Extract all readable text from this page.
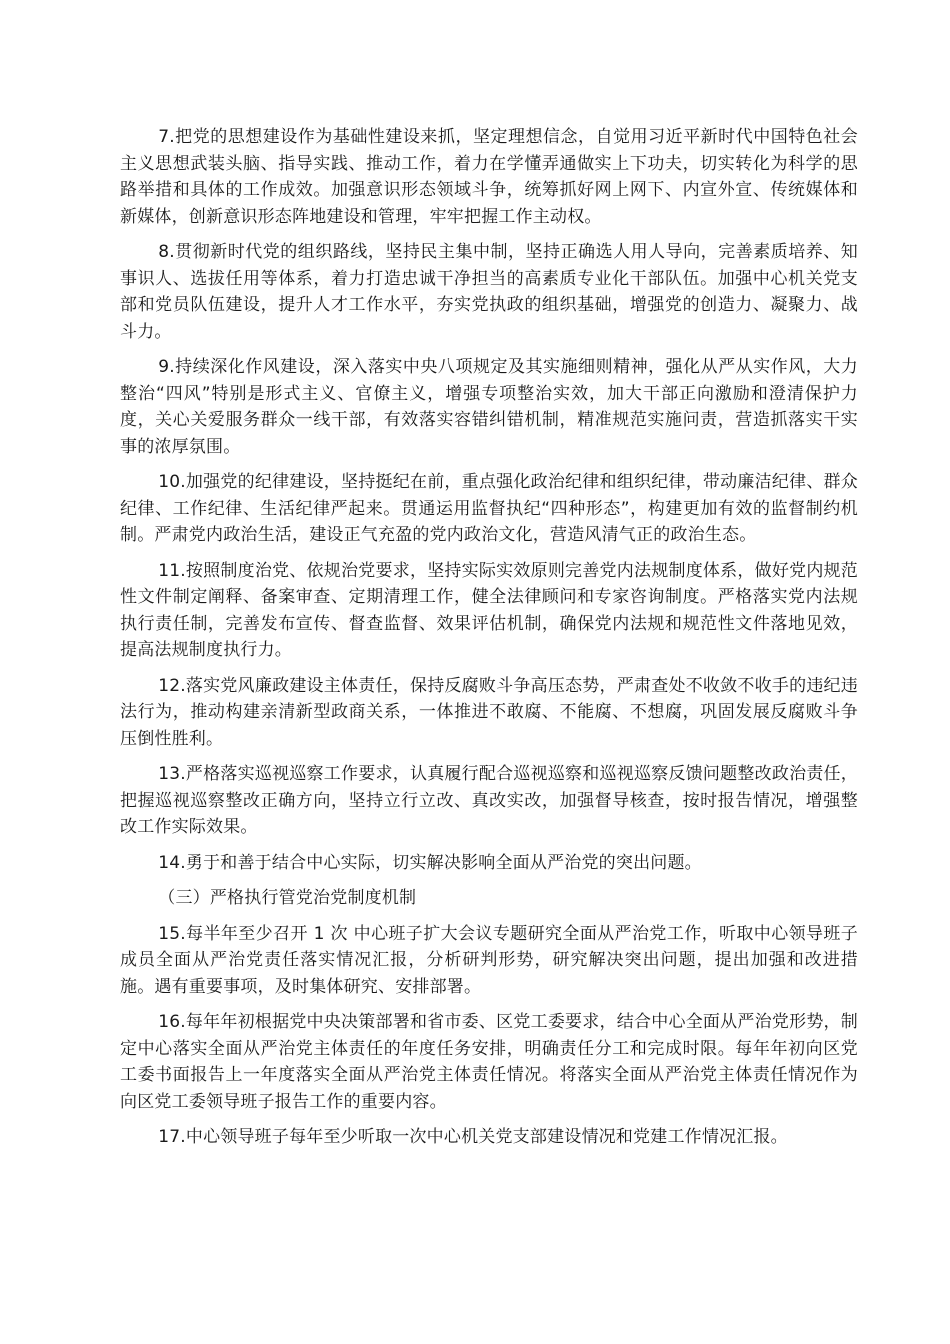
7.把党的思想建设作为基础性建设来抓，坚定理想信念，自觉用习近平新时代中国特色社会主义思想武装头脑、指导实践、推动工作，着力在学懂弄通做实上下功夫，切实转化为科学的思路举措和具体的工作成效。加强意识形态领域斗争，统筹抓好网上网下、内宣外宣、传统媒体和新媒体，创新意识形态阵地建设和管理，牢牢把握工作主动权。

8.贯彻新时代党的组织路线，坚持民主集中制，坚持正确选人用人导向，完善素质培养、知事识人、选拔任用等体系，着力打造忠诚干净担当的高素质专业化干部队伍。加强中心机关党支部和党员队伍建设，提升人才工作水平，夯实党执政的组织基础，增强党的创造力、凝聚力、战斗力。

9.持续深化作风建设，深入落实中央八项规定及其实施细则精神，强化从严从实作风，大力整治“四风”特别是形式主义、官僚主义，增强专项整治实效，加大干部正向激励和澄清保护力度，关心关爱服务群众一线干部，有效落实容错纠错机制，精准规范实施问责，营造抓落实干实事的浓厚氛围。

10.加强党的纪律建设，坚持挺纪在前，重点强化政治纪律和组织纪律，带动廉洁纪律、群众纪律、工作纪律、生活纪律严起来。贯通运用监督执纪“四种形态”，构建更加有效的监督制约机制。严肃党内政治生活，建设正气充盈的党内政治文化，营造风清气正的政治生态。

11.按照制度治党、依规治党要求，坚持实际实效原则完善党内法规制度体系，做好党内规范性文件制定阐释、备案审查、定期清理工作，健全法律顾问和专家咨询制度。严格落实党内法规执行责任制，完善发布宣传、督查监督、效果评估机制，确保党内法规和规范性文件落地见效，提高法规制度执行力。

12.落实党风廉政建设主体责任，保持反腐败斗争高压态势，严肃查处不收敛不收手的违纪违法行为，推动构建亲清新型政商关系，一体推进不敢腐、不能腐、不想腐，巩固发展反腐败斗争压倒性胜利。

13.严格落实巡视巡察工作要求，认真履行配合巡视巡察和巡视巡察反馈问题整改政治责任，把握巡视巡察整改正确方向，坚持立行立改、真改实改，加强督导核查，按时报告情况，增强整改工作实际效果。

14.勇于和善于结合中心实际，切实解决影响全面从严治党的突出问题。

（三）严格执行管党治党制度机制

15.每半年至少召开 1 次 中心班子扩大会议专题研究全面从严治党工作，听取中心领导班子成员全面从严治党责任落实情况汇报，分析研判形势，研究解决突出问题，提出加强和改进措施。遇有重要事项，及时集体研究、安排部署。

16.每年年初根据党中央决策部署和省市委、区党工委要求，结合中心全面从严治党形势，制定中心落实全面从严治党主体责任的年度任务安排，明确责任分工和完成时限。每年年初向区党工委书面报告上一年度落实全面从严治党主体责任情况。将落实全面从严治党主体责任情况作为向区党工委领导班子报告工作的重要内容。

17.中心领导班子每年至少听取一次中心机关党支部建设情况和党建工作情况汇报。
